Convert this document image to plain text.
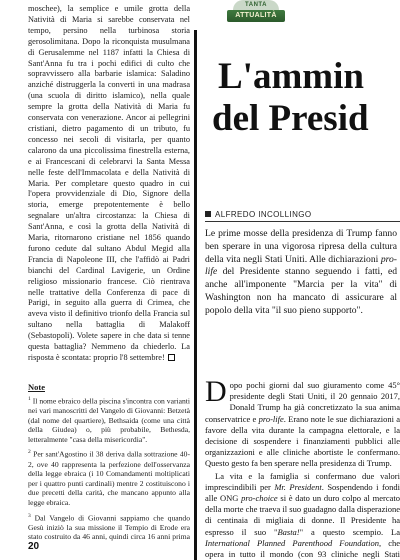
moschee), la semplice e umile grotta della Natività di Maria si sarebbe conservata nel tempo, persino nella turbinosa storia gerosolimitana. Dopo la riconquista musulmana di Gerusalemme nel 1187 infatti la Chiesa di Sant'Anna fu tra i pochi edifici di culto che sopravvissero alla barbarie islamica: Saladino anziché distruggerla la converti in una madrasa (una scuola di diritto islamico), nella quale sempre la grotta della Natività di Maria fu conservata con venerazione. Ancor ai pellegrini cristiani, dietro pagamento di un tributo, fu concesso nei secoli di visitarla, per quanto calarono da una piccolissima finestrella esterna, e ai Francescani di celebrarvi la Santa Messa nelle feste dell'Immacolata e della Natività di Maria. Per completare questo quadro in cui l'opera provvidenziale di Dio, Signore della storia, emerge prepotentemente è bello segnalare un'altra circostanza: la Chiesa di Sant'Anna, e così la grotta della Natività di Maria, ritornarono cristiane nel 1856 quando furono cedute dal sultano Abdul Megid alla Francia di Napoleone III, che l'affidò ai Padri bianchi del Cardinal Lavigerie, un Ordine religioso missionario francese. Ciò rientrava nelle trattative della Conferenza di pace di Parigi, in seguito alla guerra di Crimea, che aveva visto il definitivo trionfo della Francia sul sultano nella battaglia di Malakoff (Sebastopoli). Volete sapere in che data si tenne questa battaglia? Nemmeno da chiederlo. La risposta è scontata: proprio l'8 settembre!

Note

$^1$ Il nome ebraico della piscina s'incontra con varianti nei vari manoscritti del Vangelo di Giovanni: Betzetà (dal nome del quartiere), Bethsaida (come una città della Giudea) o, più probabile, Bethesda, letteralmente "casa della misericordia".

$^2$ Per sant'Agostino il 38 deriva dalla sottrazione 40-2, ove 40 rappresenta la perfezione dell'osservanza della legge ebraica (i 10 Comandamenti moltiplicati per i quattro punti cardinali) mentre 2 costituiscono i due precetti della carità, che mancano appunto alla legge ebraica.

$^3$ Dal Vangelo di Giovanni sappiamo che quando Gesù iniziò la sua missione il Tempio di Erode era stato costruito da 46 anni, quindi circa 16 anni prima

20
TANTA
ATTUALITÀ
L'ammin
del Presid
ALFREDO INCOLLINGO

Le prime mosse della presidenza di Trump fanno ben sperare in una vigorosa ripresa della cultura della vita negli Stati Uniti. Alle dichiarazioni pro-life del Presidente stanno seguendo i fatti, ed anche all'imponente "Marcia per la vita" di Washington non ha mancato di assicurare al popolo della vita "il suo pieno supporto".

Dopo pochi giorni dal suo giuramento come 45° presidente degli Stati Uniti, il 20 gennaio 2017, Donald Trump ha già concretizzato la sua anima conservatrice e pro-life. Erano note le sue dichiarazioni a favore della vita durante la campagna elettorale, e la decisione di sospendere i finanziamenti pubblici alle organizzazioni e alle cliniche abortiste le confermano. Questo gesto fa ben sperare nella presidenza di Trump.

La vita e la famiglia si confermano due valori imprescindibili per Mr. President. Sospendendo i fondi alle ONG pro-choice si è dato un duro colpo al mercato della morte che traeva il suo guadagno dalla disperazione di centinaia di migliaia di donne. Il Presidente ha espresso il suo "Basta!" a questo scempio. La International Planned Parenthood Foundation, che opera in tutto il mondo (con 93 cliniche negli Stati
